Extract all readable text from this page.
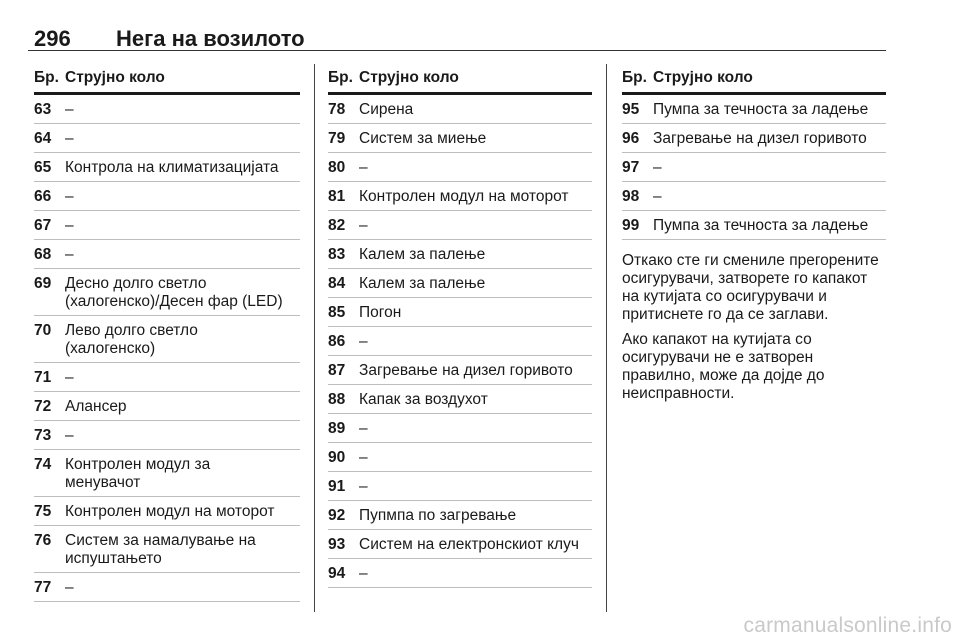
296 Нега на возилото
Бр. Струјно коло
63 –
64 –
65 Контрола на климатизацијата
66 –
67 –
68 –
69 Десно долго светло
(халогенско)/Десен фар (LED)
70 Лево долго светло
(халогенско)
71 –
72 Алансер
73 –
74 Контролен модул за
менувачот
75 Контролен модул на моторот
76 Систем за намалување на
испуштањето
77 –
Бр. Струјно коло
78 Сирена
79 Систем за миење
80 –
81 Контролен модул на моторот
82 –
83 Калем за палење
84 Калем за палење
85 Погон
86 –
87 Загревање на дизел горивото
88 Капак за воздухот
89 –
90 –
91 –
92 Пупмпа по загревање
93 Систем на електронскиот клуч
94 –
Бр. Струјно коло
95 Пумпа за течноста за ладење
96 Загревање на дизел горивото
97 –
98 –
99 Пумпа за течноста за ладење

Откако сте ги смениле прегорените
осигурувачи, затворете го капакот
на кутијата со осигурувачи и
притиснете го да се заглави.

Ако капакот на кутијата со
осигурувачи не е затворен
правилно, може да дојде до
неисправности.

carmanualsonline.info
